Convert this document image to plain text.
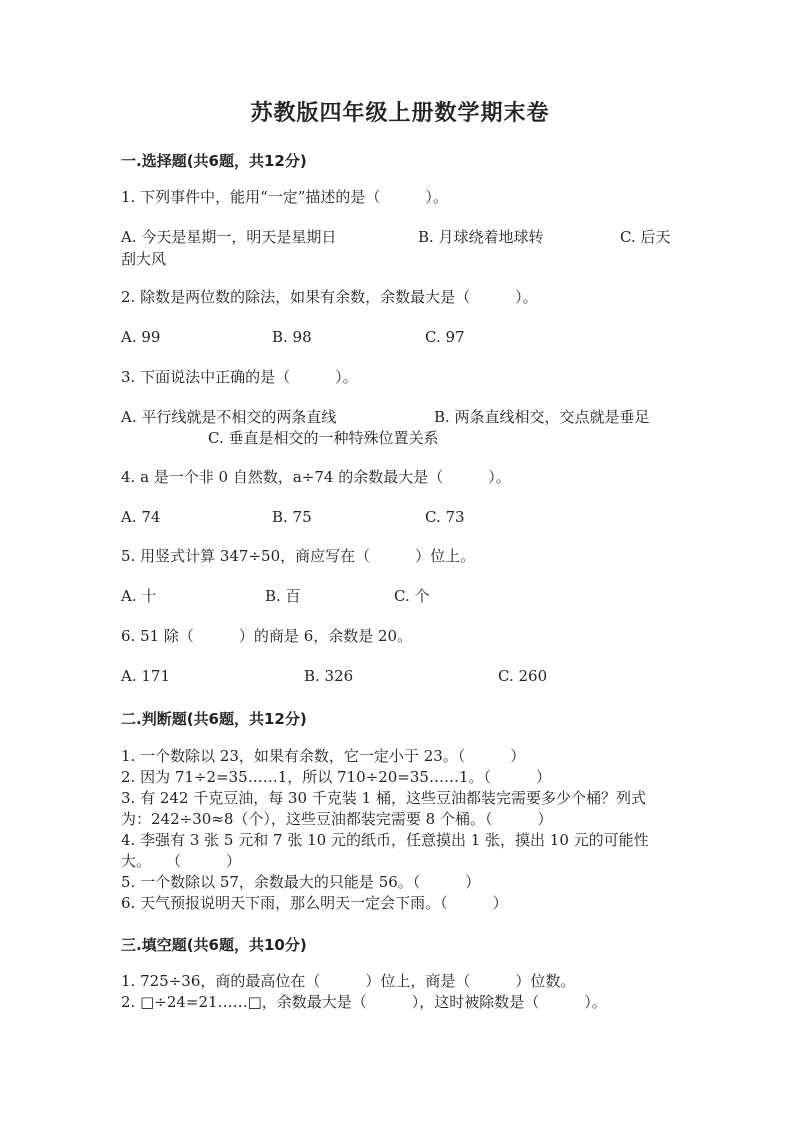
苏教版四年级上册数学期末卷
一.选择题(共6题，共12分)
1. 下列事件中，能用“一定”描述的是（　　　）。
A. 今天是星期一，明天是星期日	B. 月球绕着地球转	C. 后天
刮大风
2. 除数是两位数的除法，如果有余数，余数最大是（　　　）。
A. 99	B. 98	C. 97
3. 下面说法中正确的是（　　　）。
A. 平行线就是不相交的两条直线	B. 两条直线相交，交点就是垂足
C. 垂直是相交的一种特殊位置关系
4. a 是一个非 0 自然数，a÷74 的余数最大是（　　　）。
A. 74	B. 75	C. 73
5. 用竖式计算 347÷50，商应写在（　　　）位上。
A. 十	B. 百	C. 个
6. 51 除（　　　）的商是 6，余数是 20。
A. 171	B. 326	C. 260
二.判断题(共6题，共12分)
1. 一个数除以 23，如果有余数，它一定小于 23。（　　　）
2. 因为 71÷2=35……1，所以 710÷20=35……1。（　　　）
3. 有 242 千克豆油，每 30 千克装 1 桶，这些豆油都装完需要多少个桶？列式
为：242÷30≈8（个），这些豆油都装完需要 8 个桶。（　　　）
4. 李强有 3 张 5 元和 7 张 10 元的纸币，任意摸出 1 张，摸出 10 元的可能性
大。　　（　　　）
5. 一个数除以 57，余数最大的只能是 56。（　　　）
6. 天气预报说明天下雨，那么明天一定会下雨。（　　　）
三.填空题(共6题，共10分)
1. 725÷36，商的最高位在（　　　）位上，商是（　　　）位数。
2. □÷24=21……□，余数最大是（　　　），这时被除数是（　　　）。
